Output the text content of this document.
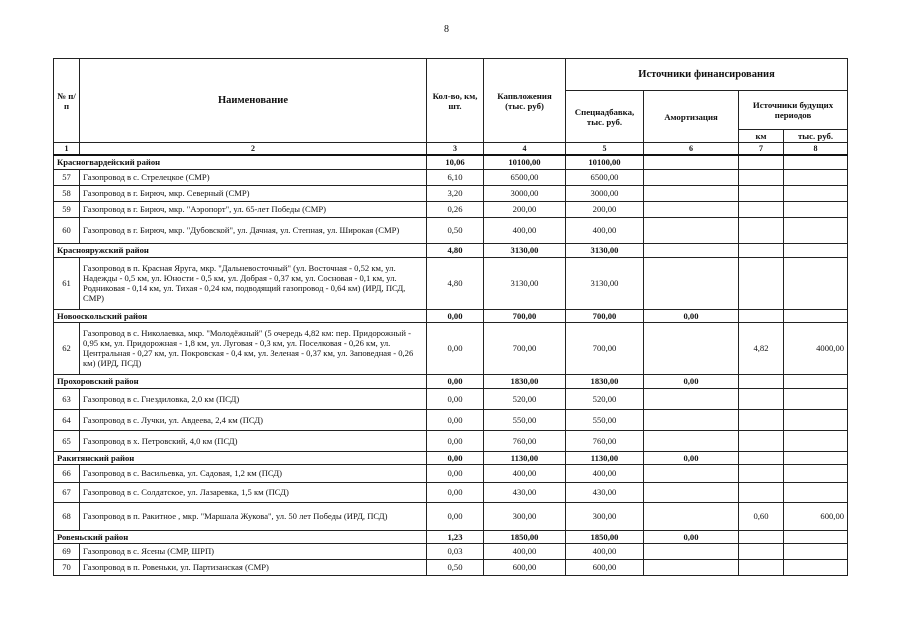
8
№ п/п	Наименование	Кол-во, км, шт.	Капвложения (тыс. руб)	Источники финансирования			
				Спецнадбавка, тыс. руб.	Амортизация	Источники будущих периодов	
						км	тыс. руб.
1	2	3	4	5	6	7	8
Красногвардейский район		10,06	10100,00	10100,00			
57	Газопровод в с. Стрелецкое (СМР)	6,10	6500,00	6500,00			
58	Газопровод в г. Бирюч, мкр. Северный (СМР)	3,20	3000,00	3000,00			
59	Газопровод в г. Бирюч, мкр. "Аэропорт", ул. 65-лет Победы (СМР)	0,26	200,00	200,00			
60	Газопровод в г. Бирюч, мкр. "Дубовской", ул. Дачная, ул. Степная, ул. Широкая (СМР)	0,50	400,00	400,00			
Краснояружский район		4,80	3130,00	3130,00			
61	Газопровод в п. Красная Яруга, мкр. "Дальневосточный" (ул. Восточная - 0,52 км, ул. Надежды - 0,5 км, ул. Юности - 0,5 км, ул. Добрая - 0,37 км, ул. Сосновая - 0,1 км, ул. Родниковая - 0,14 км, ул. Тихая - 0,24 км, подводящий газопровод - 0,64 км) (ИРД, ПСД, СМР)	4,80	3130,00	3130,00			
Новооскольский район		0,00	700,00	700,00	0,00		
62	Газопровод в с. Николаевка, мкр. "Молодёжный" (5 очередь 4,82 км: пер. Придорожный - 0,95 км, ул. Придорожная - 1,8 км, ул. Луговая - 0,3 км, ул. Поселковая - 0,26 км, ул. Центральная - 0,27 км, ул. Покровская - 0,4 км, ул. Зеленая - 0,37 км, ул. Заповедная - 0,26 км) (ИРД, ПСД)	0,00	700,00	700,00		4,82	4000,00
Прохоровский район		0,00	1830,00	1830,00	0,00		
63	Газопровод в с. Гнездиловка, 2,0 км (ПСД)	0,00	520,00	520,00			
64	Газопровод в с. Лучки, ул. Авдеева, 2,4 км (ПСД)	0,00	550,00	550,00			
65	Газопровод в х. Петровский, 4,0 км (ПСД)	0,00	760,00	760,00			
Ракитянский район		0,00	1130,00	1130,00	0,00		
66	Газопровод в с. Васильевка, ул. Садовая, 1,2 км (ПСД)	0,00	400,00	400,00			
67	Газопровод в с. Солдатское, ул. Лазаревка, 1,5 км (ПСД)	0,00	430,00	430,00			
68	Газопровод в п. Ракитное , мкр. "Маршала Жукова", ул. 50 лет Победы (ИРД, ПСД)	0,00	300,00	300,00		0,60	600,00
Ровеньский район		1,23	1850,00	1850,00	0,00		
69	Газопровод в с. Ясены (СМР, ШРП)	0,03	400,00	400,00			
70	Газопровод в п. Ровеньки, ул. Партизанская (СМР)	0,50	600,00	600,00			
